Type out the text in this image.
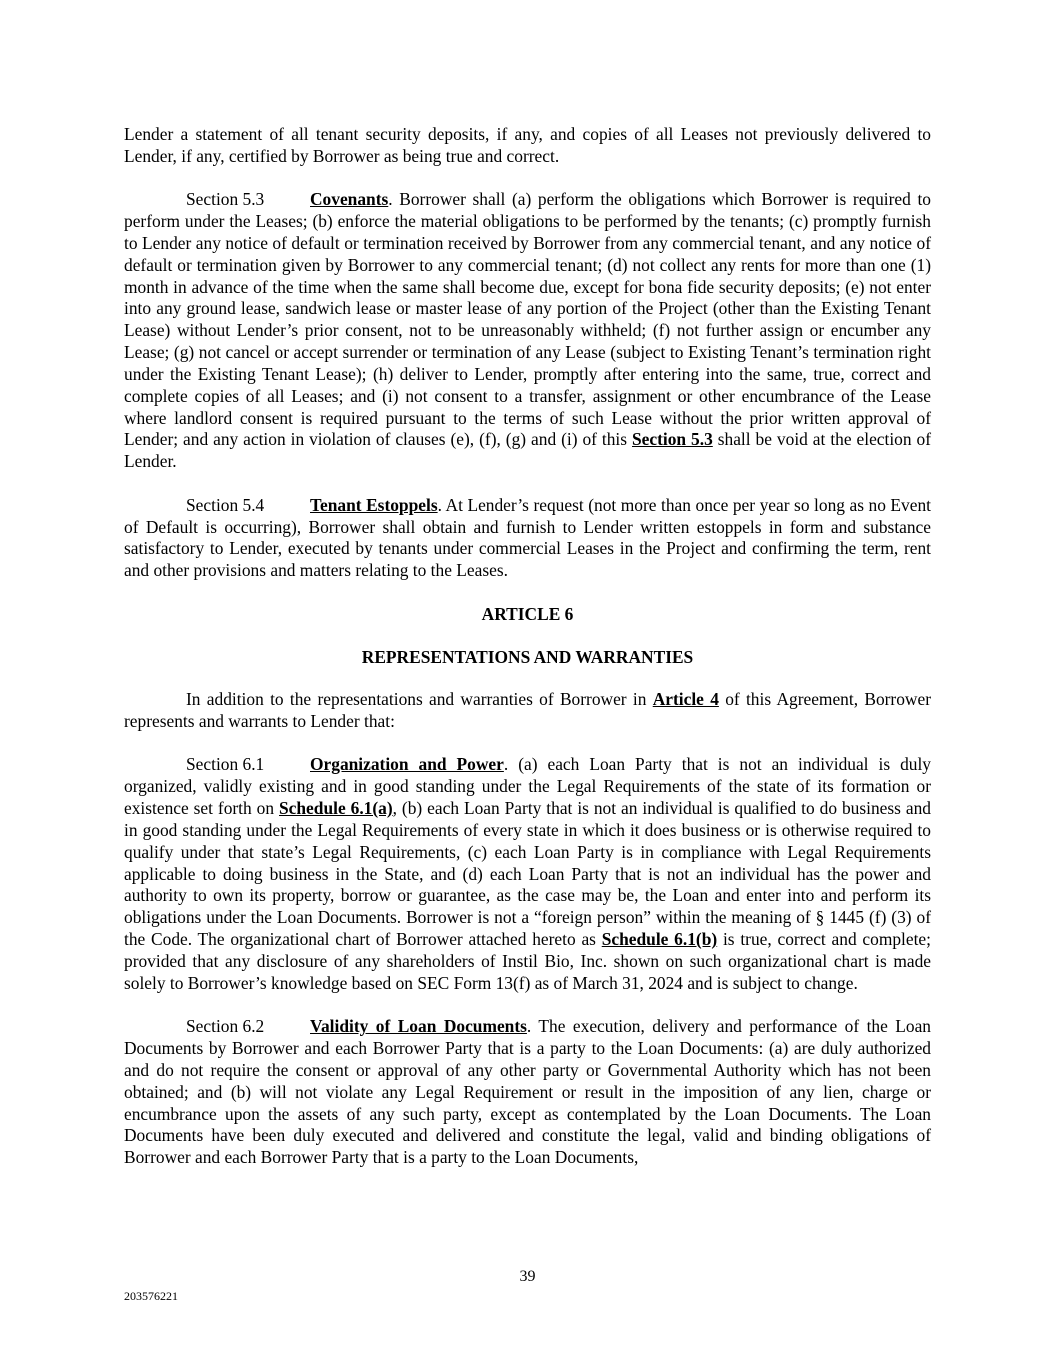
Lender a statement of all tenant security deposits, if any, and copies of all Leases not previously delivered to Lender, if any, certified by Borrower as being true and correct.

Section 5.3	Covenants. Borrower shall (a) perform the obligations which Borrower is required to perform under the Leases; (b) enforce the material obligations to be performed by the tenants; (c) promptly furnish to Lender any notice of default or termination received by Borrower from any commercial tenant, and any notice of default or termination given by Borrower to any commercial tenant; (d) not collect any rents for more than one (1) month in advance of the time when the same shall become due, except for bona fide security deposits; (e) not enter into any ground lease, sandwich lease or master lease of any portion of the Project (other than the Existing Tenant Lease) without Lender’s prior consent, not to be unreasonably withheld; (f) not further assign or encumber any Lease; (g) not cancel or accept surrender or termination of any Lease (subject to Existing Tenant’s termination right under the Existing Tenant Lease); (h) deliver to Lender, promptly after entering into the same, true, correct and complete copies of all Leases; and (i) not consent to a transfer, assignment or other encumbrance of the Lease where landlord consent is required pursuant to the terms of such Lease without the prior written approval of Lender; and any action in violation of clauses (e), (f), (g) and (i) of this Section 5.3 shall be void at the election of Lender.

Section 5.4	Tenant Estoppels. At Lender’s request (not more than once per year so long as no Event of Default is occurring), Borrower shall obtain and furnish to Lender written estoppels in form and substance satisfactory to Lender, executed by tenants under commercial Leases in the Project and confirming the term, rent and other provisions and matters relating to the Leases.

ARTICLE 6

REPRESENTATIONS AND WARRANTIES

In addition to the representations and warranties of Borrower in Article 4 of this Agreement, Borrower represents and warrants to Lender that:

Section 6.1	Organization and Power. (a) each Loan Party that is not an individual is duly organized, validly existing and in good standing under the Legal Requirements of the state of its formation or existence set forth on Schedule 6.1(a), (b) each Loan Party that is not an individual is qualified to do business and in good standing under the Legal Requirements of every state in which it does business or is otherwise required to qualify under that state’s Legal Requirements, (c) each Loan Party is in compliance with Legal Requirements applicable to doing business in the State, and (d) each Loan Party that is not an individual has the power and authority to own its property, borrow or guarantee, as the case may be, the Loan and enter into and perform its obligations under the Loan Documents. Borrower is not a “foreign person” within the meaning of § 1445 (f) (3) of the Code. The organizational chart of Borrower attached hereto as Schedule 6.1(b) is true, correct and complete; provided that any disclosure of any shareholders of Instil Bio, Inc. shown on such organizational chart is made solely to Borrower’s knowledge based on SEC Form 13(f) as of March 31, 2024 and is subject to change.

Section 6.2	Validity of Loan Documents. The execution, delivery and performance of the Loan Documents by Borrower and each Borrower Party that is a party to the Loan Documents: (a) are duly authorized and do not require the consent or approval of any other party or Governmental Authority which has not been obtained; and (b) will not violate any Legal Requirement or result in the imposition of any lien, charge or encumbrance upon the assets of any such party, except as contemplated by the Loan Documents. The Loan Documents have been duly executed and delivered and constitute the legal, valid and binding obligations of Borrower and each Borrower Party that is a party to the Loan Documents,

39
203576221
